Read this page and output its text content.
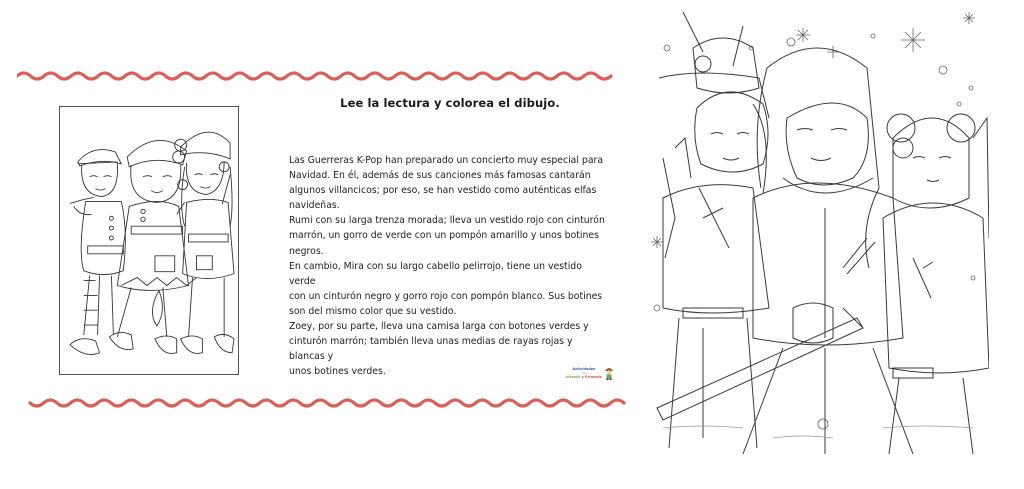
Lee la lectura y colorea el dibujo.

Las Guerreras K-Pop han preparado un concierto muy especial para

Navidad. En él, además de sus canciones más famosas cantarán

algunos villancicos; por eso, se han vestido como auténticas elfas

navideñas.

Rumi con su larga trenza morada; lleva un vestido rojo con cinturón

marrón, un gorro de verde con un pompón amarillo y unos botines

negros.

En cambio, Mira con su largo cabello pelirrojo, tiene un vestido verde

con un cinturón negro y gorro rojo con pompón blanco. Sus botines

son del mismo color que su vestido.

Zoey, por su parte, lleva una camisa larga con botones verdes y

cinturón marrón; también lleva unas medias de rayas rojas y blancas y

unos botines verdes.	Actividades
de
Infantil y Primaria
